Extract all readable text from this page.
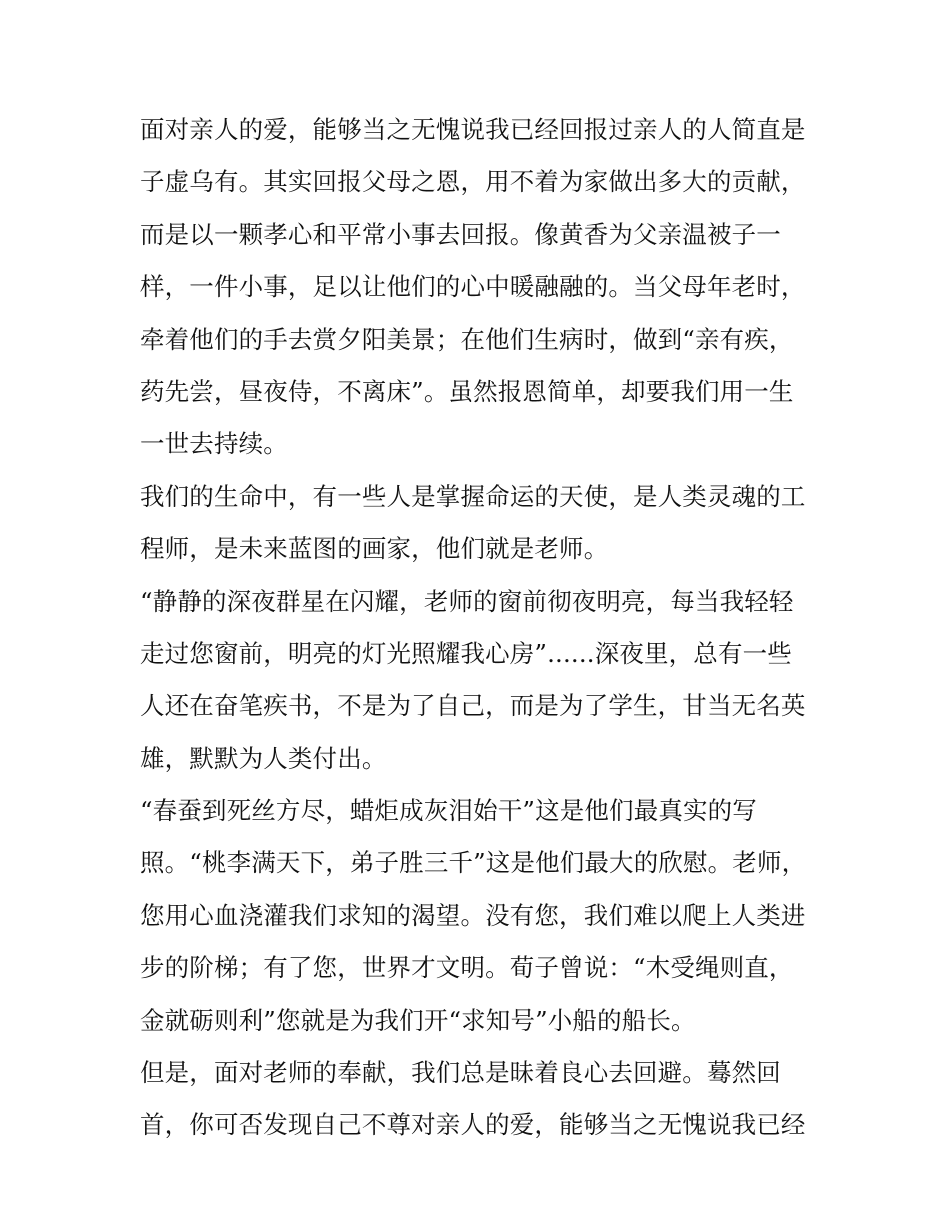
面对亲人的爱，能够当之无愧说我已经回报过亲人的人简直是
子虚乌有。其实回报父母之恩，用不着为家做出多大的贡献，
而是以一颗孝心和平常小事去回报。像黄香为父亲温被子一
样，一件小事，足以让他们的心中暖融融的。当父母年老时，
牵着他们的手去赏夕阳美景；在他们生病时，做到“亲有疾，
药先尝，昼夜侍，不离床”。虽然报恩简单，却要我们用一生
一世去持续。
我们的生命中，有一些人是掌握命运的天使，是人类灵魂的工
程师，是未来蓝图的画家，他们就是老师。
“静静的深夜群星在闪耀，老师的窗前彻夜明亮，每当我轻轻
走过您窗前，明亮的灯光照耀我心房”......深夜里，总有一些
人还在奋笔疾书，不是为了自己，而是为了学生，甘当无名英
雄，默默为人类付出。
“春蚕到死丝方尽，蜡炬成灰泪始干”这是他们最真实的写
照。“桃李满天下，弟子胜三千”这是他们最大的欣慰。老师，
您用心血浇灌我们求知的渴望。没有您，我们难以爬上人类进
步的阶梯；有了您，世界才文明。荀子曾说：“木受绳则直，
金就砺则利”您就是为我们开“求知号”小船的船长。
但是，面对老师的奉献，我们总是昧着良心去回避。蓦然回
首，你可否发现自己不尊对亲人的爱，能够当之无愧说我已经
